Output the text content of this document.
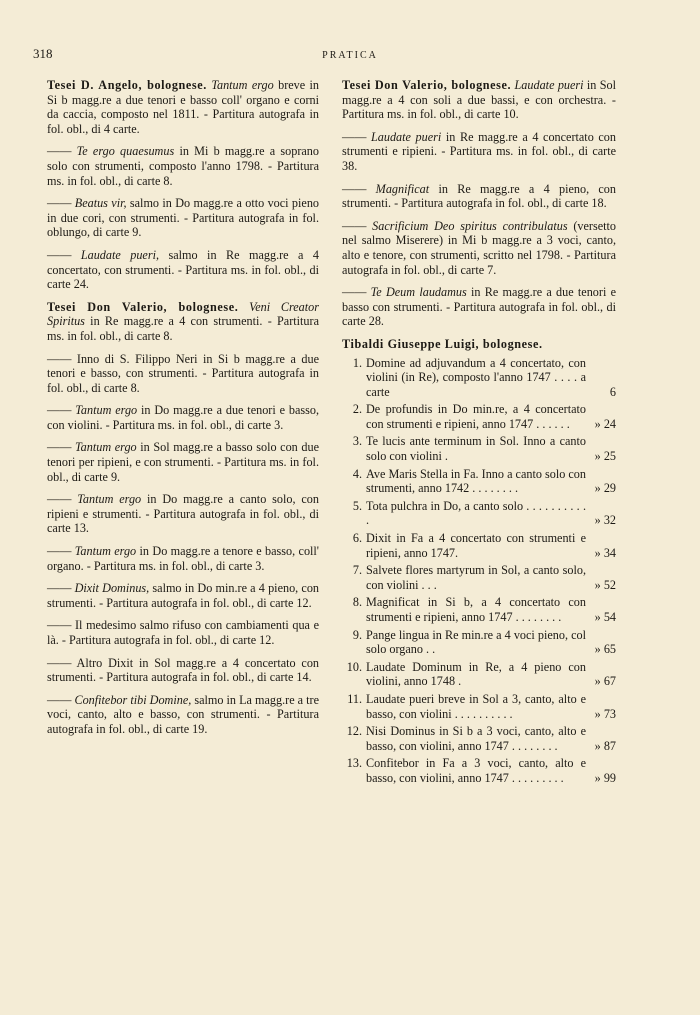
318	PRATICA
Tesei D. Angelo, bolognese. Tantum ergo breve in Si b magg.re a due tenori e basso coll' organo e corni da caccia, composto nel 1811. - Partitura autografa in fol. obl., di 4 carte.
—— Te ergo quaesumus in Mi b magg.re a soprano solo con strumenti, composto l'anno 1798. - Partitura ms. in fol. obl., di carte 8.
—— Beatus vir, salmo in Do magg.re a otto voci pieno in due cori, con strumenti. - Partitura autografa in fol. oblungo, di carte 9.
—— Laudate pueri, salmo in Re magg.re a 4 concertato, con strumenti. - Partitura ms. in fol. obl., di carte 24.
Tesei Don Valerio, bolognese. Veni Creator Spiritus in Re magg.re a 4 con strumenti. - Partitura ms. in fol. obl., di carte 8.
—— Inno di S. Filippo Neri in Si b magg.re a due tenori e basso, con strumenti. - Partitura autografa in fol. obl., di carte 8.
—— Tantum ergo in Do magg.re a due tenori e basso, con violini. - Partitura ms. in fol. obl., di carte 3.
—— Tantum ergo in Sol magg.re a basso solo con due tenori per ripieni, e con strumenti. - Partitura ms. in fol. obl., di carte 9.
—— Tantum ergo in Do magg.re a canto solo, con ripieni e strumenti. - Partitura autografa in fol. obl., di carte 13.
—— Tantum ergo in Do magg.re a tenore e basso, coll' organo. - Partitura ms. in fol. obl., di carte 3.
—— Dixit Dominus, salmo in Do min.re a 4 pieno, con strumenti. - Partitura autografa in fol. obl., di carte 12.
—— Il medesimo salmo rifuso con cambiamenti qua e là. - Partitura autografa in fol. obl., di carte 12.
—— Altro Dixit in Sol magg.re a 4 concertato con strumenti. - Partitura autografa in fol. obl., di carte 14.
—— Confitebor tibi Domine, salmo in La magg.re a tre voci, canto, alto e basso, con strumenti. - Partitura autografa in fol. obl., di carte 19.
Tesei Don Valerio, bolognese. Laudate pueri in Sol magg.re a 4 con soli a due bassi, e con orchestra. - Partitura ms. in fol. obl., di carte 10.
—— Laudate pueri in Re magg.re a 4 concertato con strumenti e ripieni. - Partitura ms. in fol. obl., di carte 38.
—— Magnificat in Re magg.re a 4 pieno, con strumenti. - Partitura autografa in fol. obl., di carte 18.
—— Sacrificium Deo spiritus contribulatus (versetto nel salmo Miserere) in Mi b magg.re a 3 voci, canto, alto e tenore, con strumenti, scritto nel 1798. - Partitura autografa in fol. obl., di carte 7.
—— Te Deum laudamus in Re magg.re a due tenori e basso con strumenti. - Partitura autografa in fol. obl., di carte 28.
Tibaldi Giuseppe Luigi, bolognese.
1. Domine ad adjuvandum a 4 concertato, con violini (in Re), composto l'anno 1747 . . . . a carte	6
2. De profundis in Do min.re, a 4 concertato con strumenti e ripieni, anno 1747 . . . . . .	» 24
3. Te lucis ante terminum in Sol. Inno a canto solo con violini .	» 25
4. Ave Maris Stella in Fa. Inno a canto solo con strumenti, anno 1742 . . . . . . . .	» 29
5. Tota pulchra in Do, a canto solo . . . . . . . . . . .	» 32
6. Dixit in Fa a 4 concertato con strumenti e ripieni, anno 1747.	» 34
7. Salvete flores martyrum in Sol, a canto solo, con violini . . .	» 52
8. Magnificat in Si b, a 4 concertato con strumenti e ripieni, anno 1747 . . . . . . . .	» 54
9. Pange lingua in Re min.re a 4 voci pieno, col solo organo . .	» 65
10. Laudate Dominum in Re, a 4 pieno con violini, anno 1748 .	» 67
11. Laudate pueri breve in Sol a 3, canto, alto e basso, con violini . . . . . . . . . .	» 73
12. Nisi Dominus in Si b a 3 voci, canto, alto e basso, con violini, anno 1747 . . . . . . . .	» 87
13. Confitebor in Fa a 3 voci, canto, alto e basso, con violini, anno 1747 . . . . . . . . .	» 99
